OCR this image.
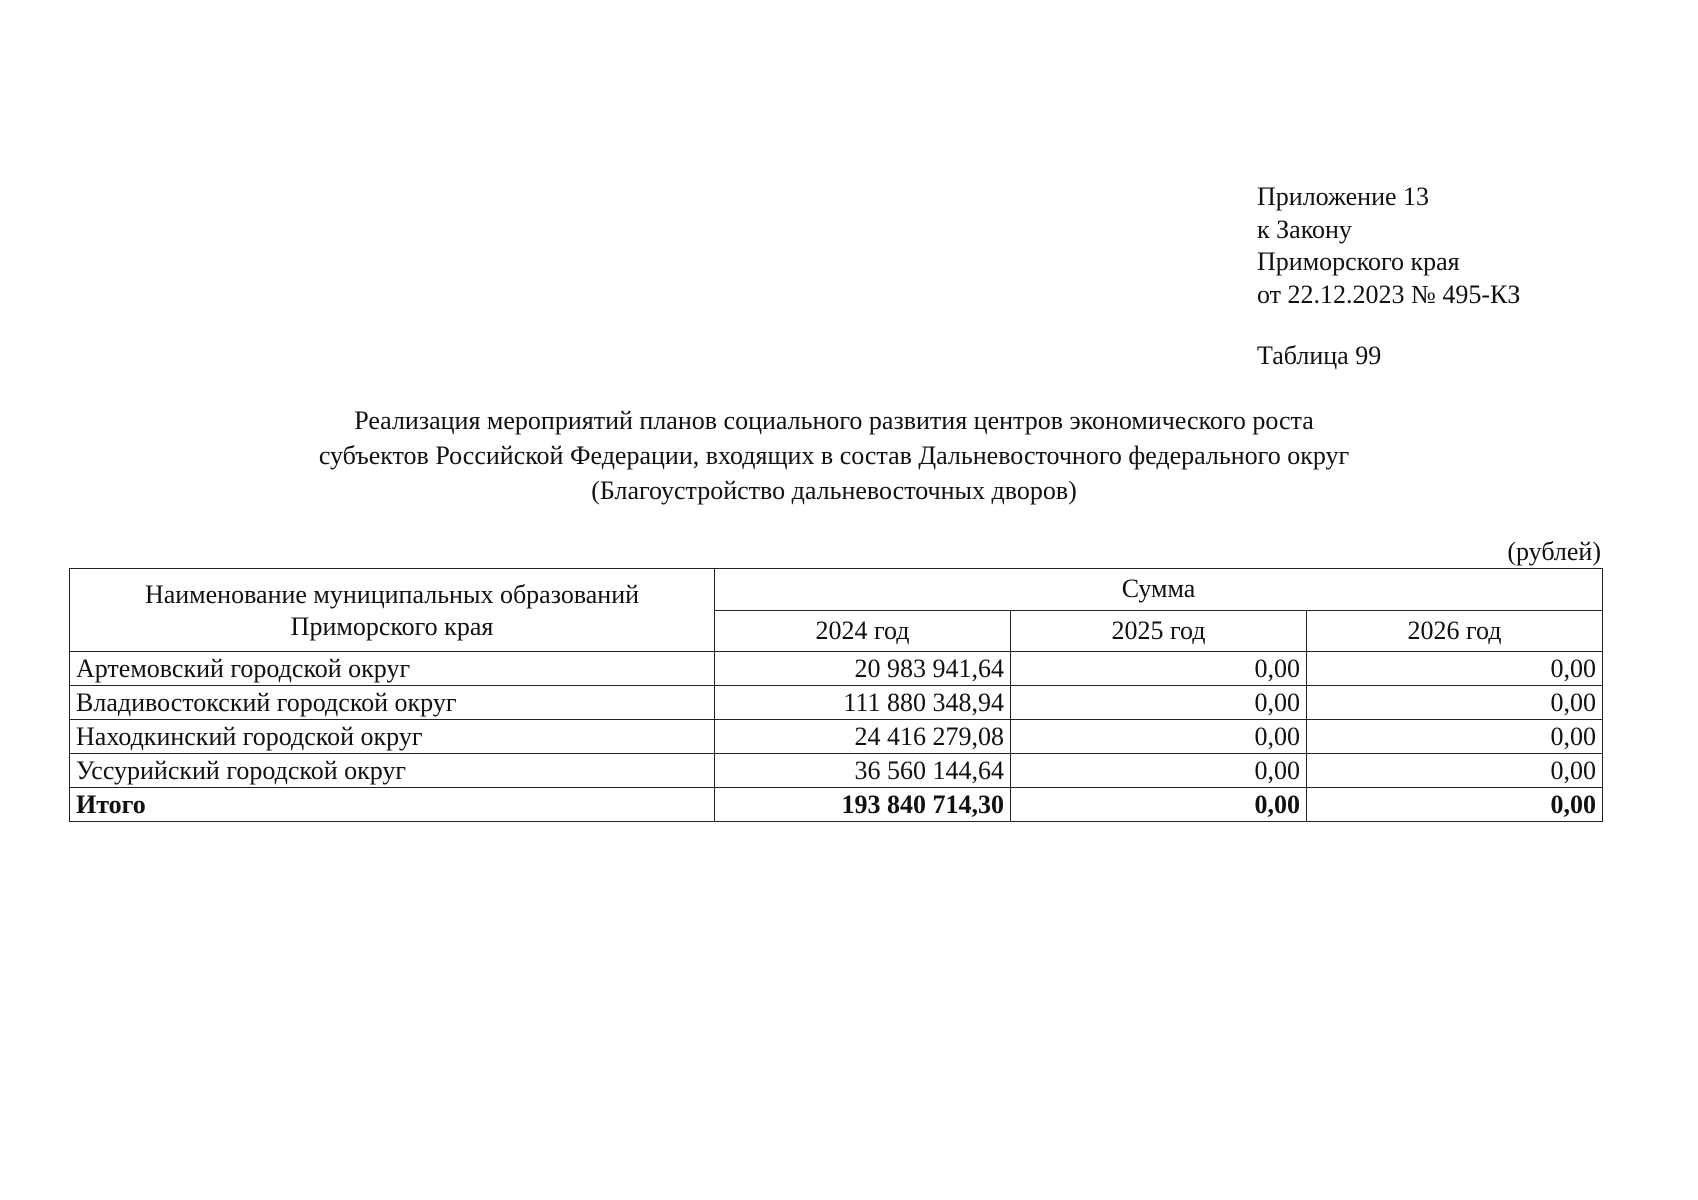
Приложение 13
к Закону
Приморского края
от 22.12.2023 № 495-КЗ
Таблица 99
Реализация мероприятий планов социального развития центров экономического роста
субъектов Российской Федерации, входящих в состав Дальневосточного федерального округ
(Благоустройство дальневосточных дворов)
(рублей)
Наименование муниципальных образований
Приморского края	Сумма		
	2024 год	2025 год	2026 год
Артемовский городской округ	20 983 941,64	0,00	0,00
Владивостокский городской округ	111 880 348,94	0,00	0,00
Находкинский городской округ	24 416 279,08	0,00	0,00
Уссурийский городской округ	36 560 144,64	0,00	0,00
Итого	193 840 714,30	0,00	0,00
